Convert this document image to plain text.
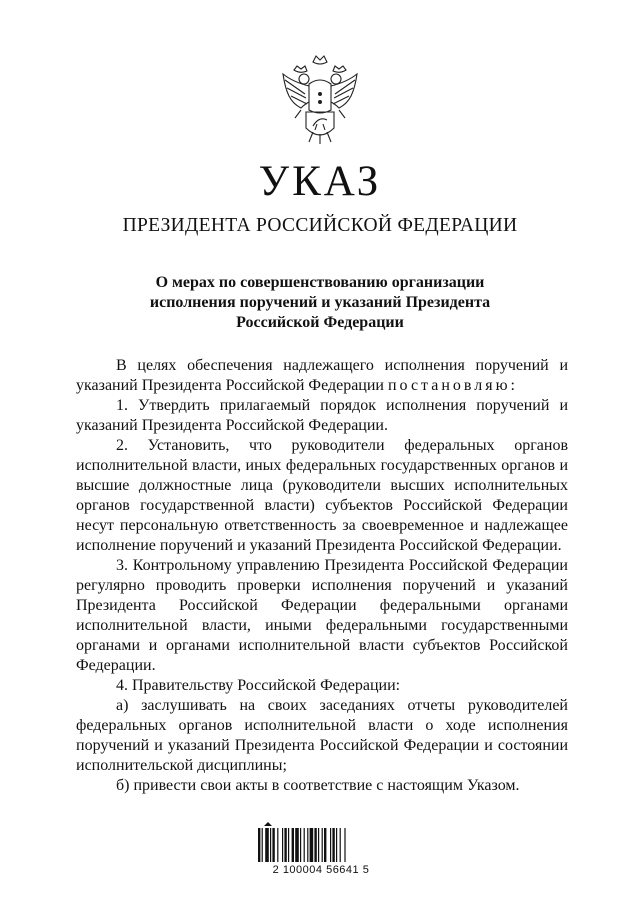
УКАЗ
ПРЕЗИДЕНТА РОССИЙСКОЙ ФЕДЕРАЦИИ
О мерах по совершенствованию организации
исполнения поручений и указаний Президента
Российской Федерации

В целях обеспечения надлежащего исполнения поручений и указаний Президента Российской Федерации постановляю:

1. Утвердить прилагаемый порядок исполнения поручений и указаний Президента Российской Федерации.

2. Установить, что руководители федеральных органов исполнительной власти, иных федеральных государственных органов и высшие должностные лица (руководители высших исполнительных органов государственной власти) субъектов Российской Федерации несут персональную ответственность за своевременное и надлежащее исполнение поручений и указаний Президента Российской Федерации.

3. Контрольному управлению Президента Российской Федерации регулярно проводить проверки исполнения поручений и указаний Президента Российской Федерации федеральными органами исполнительной власти, иными федеральными государственными органами и органами исполнительной власти субъектов Российской Федерации.

4. Правительству Российской Федерации:

а) заслушивать на своих заседаниях отчеты руководителей федеральных органов исполнительной власти о ходе исполнения поручений и указаний Президента Российской Федерации и состоянии исполнительской дисциплины;

б) привести свои акты в соответствие с настоящим Указом.

2 100004 56641 5
